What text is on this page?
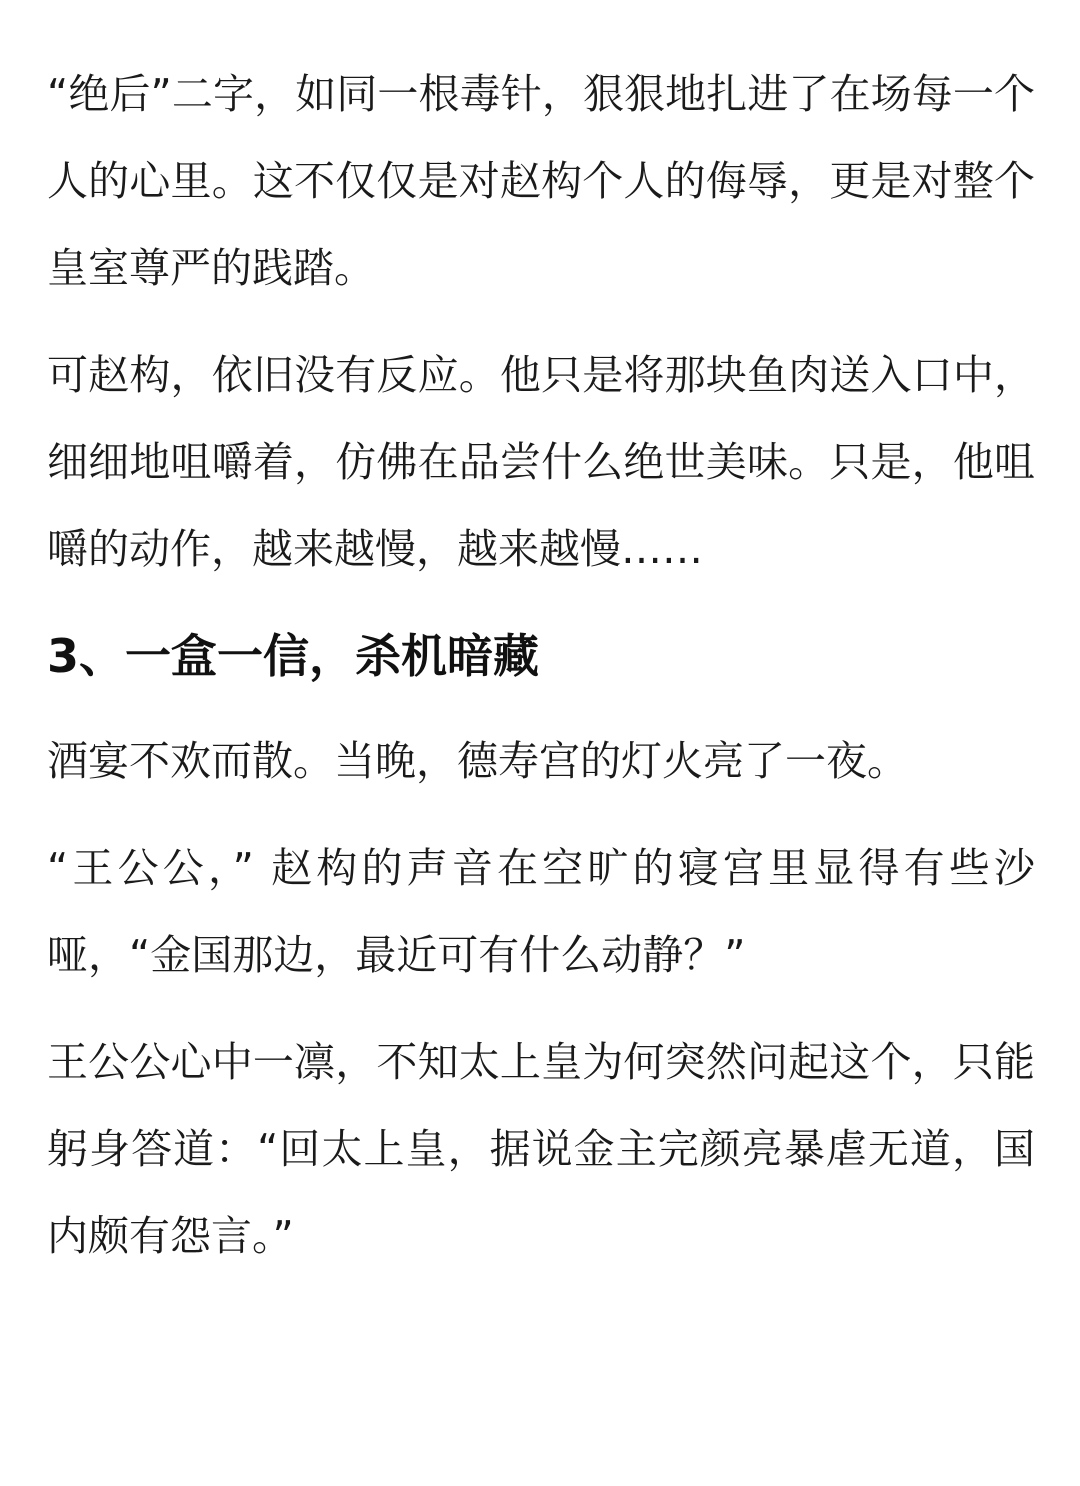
“绝后”二字，如同一根毒针，狠狠地扎进了在场每一个人的心里。这不仅仅是对赵构个人的侮辱，更是对整个皇室尊严的践踏。

可赵构，依旧没有反应。他只是将那块鱼肉送入口中，细细地咀嚼着，仿佛在品尝什么绝世美味。只是，他咀嚼的动作，越来越慢，越来越慢……

3、一盒一信，杀机暗藏

酒宴不欢而散。当晚，德寿宫的灯火亮了一夜。

“王公公，” 赵构的声音在空旷的寝宫里显得有些沙哑，“金国那边，最近可有什么动静？”

王公公心中一凛，不知太上皇为何突然问起这个，只能躬身答道：“回太上皇，据说金主完颜亮暴虐无道，国内颇有怨言。”
